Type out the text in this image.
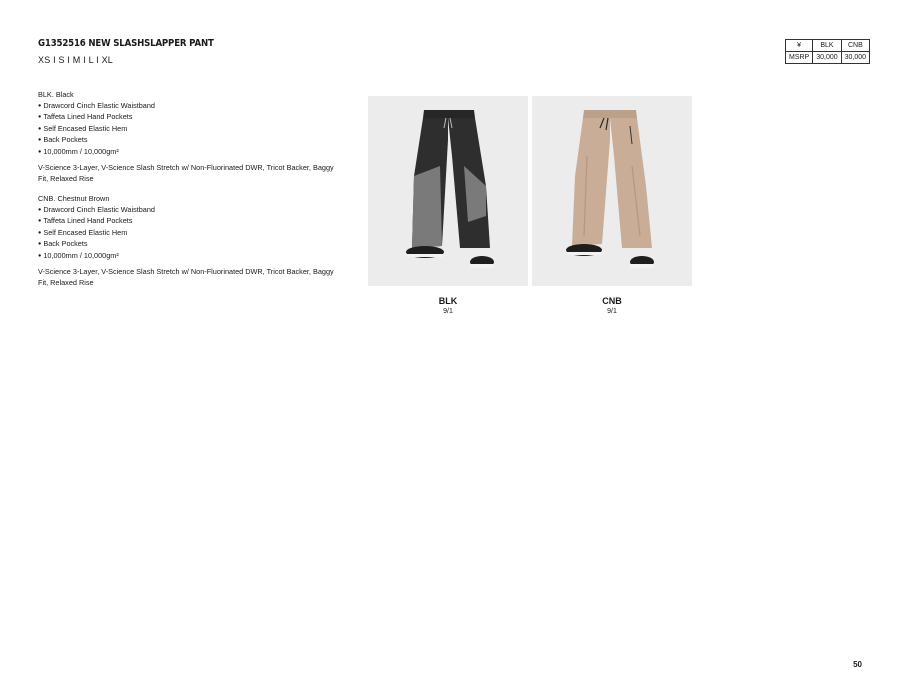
G1352516 NEW SLASHSLAPPER PANT
XS I S I M I L I XL
¥	BLK	CNB
MSRP	30,000	30,000

BLK. Black

● Drawcord Cinch Elastic Waistband
● Taffeta Lined Hand Pockets
● Self Encased Elastic Hem
● Back Pockets
● 10,000mm / 10,000gm²

V-Science 3-Layer, V-Science Slash Stretch w/ Non-Fluorinated DWR, Tricot Backer, Baggy Fit, Relaxed Rise

CNB. Chestnut Brown

● Drawcord Cinch Elastic Waistband
● Taffeta Lined Hand Pockets
● Self Encased Elastic Hem
● Back Pockets
● 10,000mm / 10,000gm²

V-Science 3-Layer, V-Science Slash Stretch w/ Non-Fluorinated DWR, Tricot Backer, Baggy Fit, Relaxed Rise

BLK
9/1
CNB
9/1
50
